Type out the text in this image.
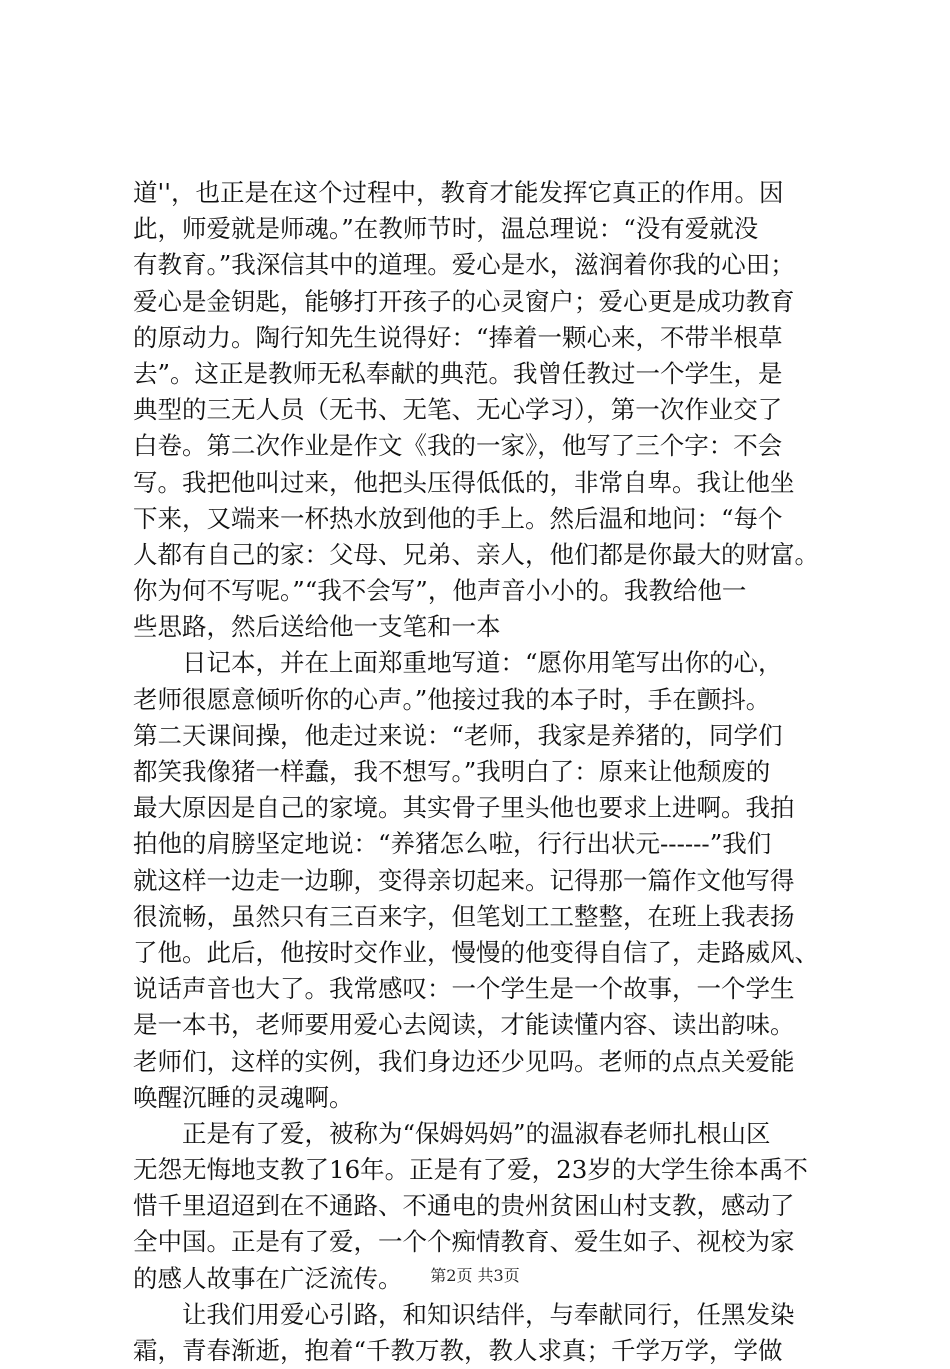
道''，也正是在这个过程中，教育才能发挥它真正的作用。因
此，师爱就是师魂。”在教师节时，温总理说：“没有爱就没
有教育。”我深信其中的道理。爱心是水，滋润着你我的心田；
爱心是金钥匙，能够打开孩子的心灵窗户；爱心更是成功教育
的原动力。陶行知先生说得好：“捧着一颗心来，不带半根草
去”。这正是教师无私奉献的典范。我曾任教过一个学生，是
典型的三无人员（无书、无笔、无心学习），第一次作业交了
白卷。第二次作业是作文《我的一家》，他写了三个字：不会
写。我把他叫过来，他把头压得低低的，非常自卑。我让他坐
下来，又端来一杯热水放到他的手上。然后温和地问：“每个
人都有自己的家：父母、兄弟、亲人，他们都是你最大的财富。
你为何不写呢。”“我不会写”，他声音小小的。我教给他一
些思路，然后送给他一支笔和一本
日记本，并在上面郑重地写道：“愿你用笔写出你的心，
老师很愿意倾听你的心声。”他接过我的本子时，手在颤抖。
第二天课间操，他走过来说：“老师，我家是养猪的，同学们
都笑我像猪一样蠢，我不想写。”我明白了：原来让他颓废的
最大原因是自己的家境。其实骨子里头他也要求上进啊。我拍
拍他的肩膀坚定地说：“养猪怎么啦，行行出状元------”我们
就这样一边走一边聊，变得亲切起来。记得那一篇作文他写得
很流畅，虽然只有三百来字，但笔划工工整整，在班上我表扬
了他。此后，他按时交作业，慢慢的他变得自信了，走路威风、
说话声音也大了。我常感叹：一个学生是一个故事，一个学生
是一本书，老师要用爱心去阅读，才能读懂内容、读出韵味。
老师们，这样的实例，我们身边还少见吗。老师的点点关爱能
唤醒沉睡的灵魂啊。
正是有了爱，被称为“保姆妈妈”的温淑春老师扎根山区
无怨无悔地支教了16年。正是有了爱，23岁的大学生徐本禹不
惜千里迢迢到在不通路、不通电的贵州贫困山村支教，感动了
全中国。正是有了爱，一个个痴情教育、爱生如子、视校为家
的感人故事在广泛流传。
让我们用爱心引路，和知识结伴，与奉献同行，任黑发染
霜，青春渐逝，抱着“千教万教，教人求真；千学万学，学做
第2页 共3页
